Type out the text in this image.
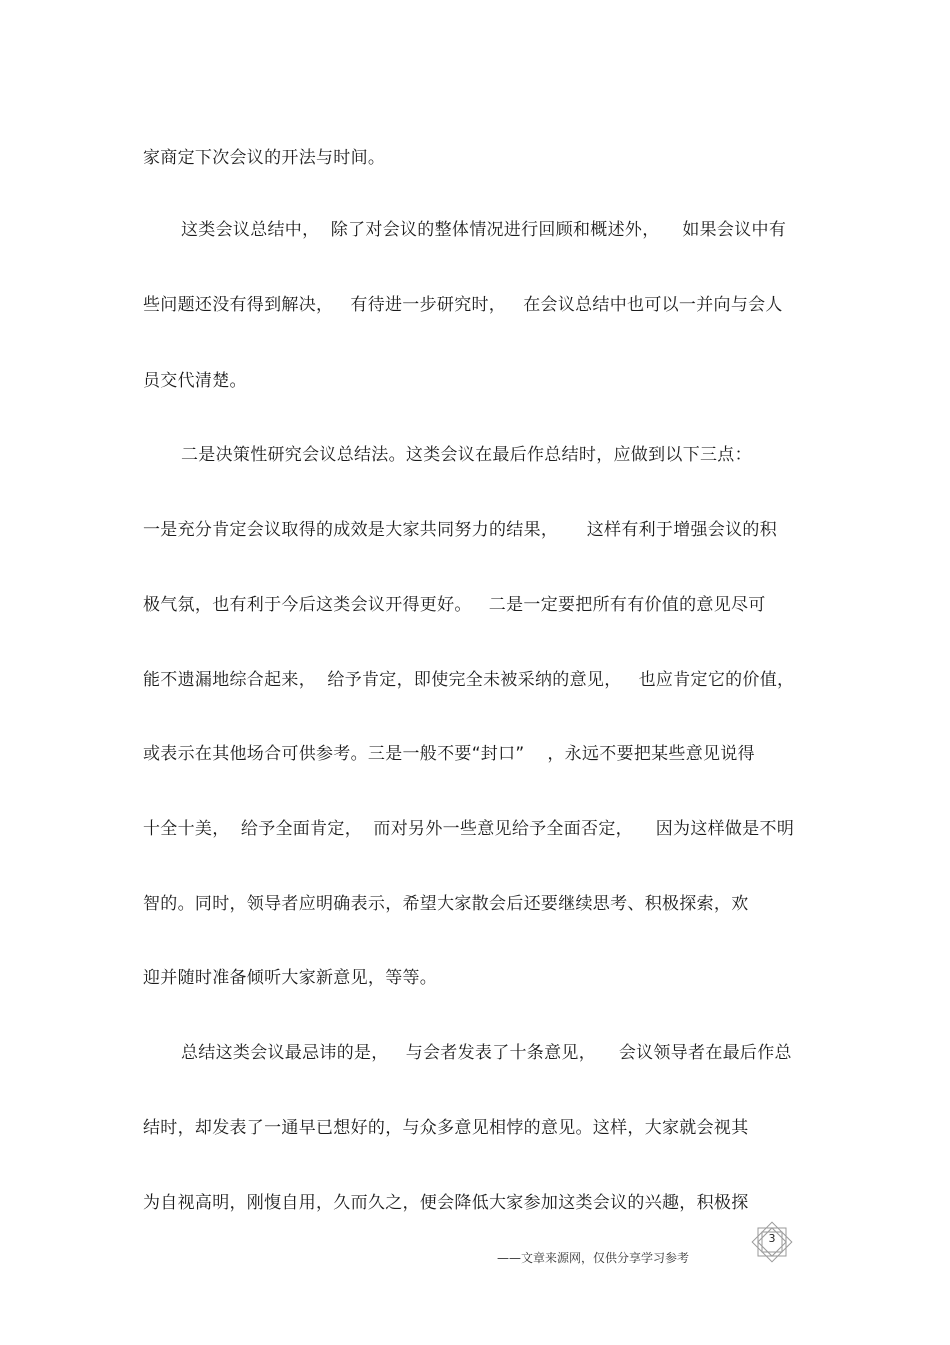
家商定下次会议的开法与时间。
这类会议总结中，  除了对会议的整体情况进行回顾和概述外，    如果会议中有
些问题还没有得到解决，   有待进一步研究时，   在会议总结中也可以一并向与会人
员交代清楚。
二是决策性研究会议总结法。这类会议在最后作总结时，应做到以下三点：
一是充分肯定会议取得的成效是大家共同努力的结果，     这样有利于增强会议的积
极气氛，也有利于今后这类会议开得更好。   二是一定要把所有有价值的意见尽可
能不遗漏地综合起来，  给予肯定，即使完全未被采纳的意见，   也应肯定它的价值，
或表示在其他场合可供参考。三是一般不要“封口”    ，永远不要把某些意见说得
十全十美，  给予全面肯定，  而对另外一些意见给予全面否定，    因为这样做是不明
智的。同时，领导者应明确表示，希望大家散会后还要继续思考、积极探索，欢
迎并随时准备倾听大家新意见，等等。
总结这类会议最忌讳的是，   与会者发表了十条意见，    会议领导者在最后作总
结时，却发表了一通早已想好的，与众多意见相悖的意见。这样，大家就会视其
为自视高明，刚愎自用，久而久之，便会降低大家参加这类会议的兴趣，积极探
3
——文章来源网，仅供分享学习参考
